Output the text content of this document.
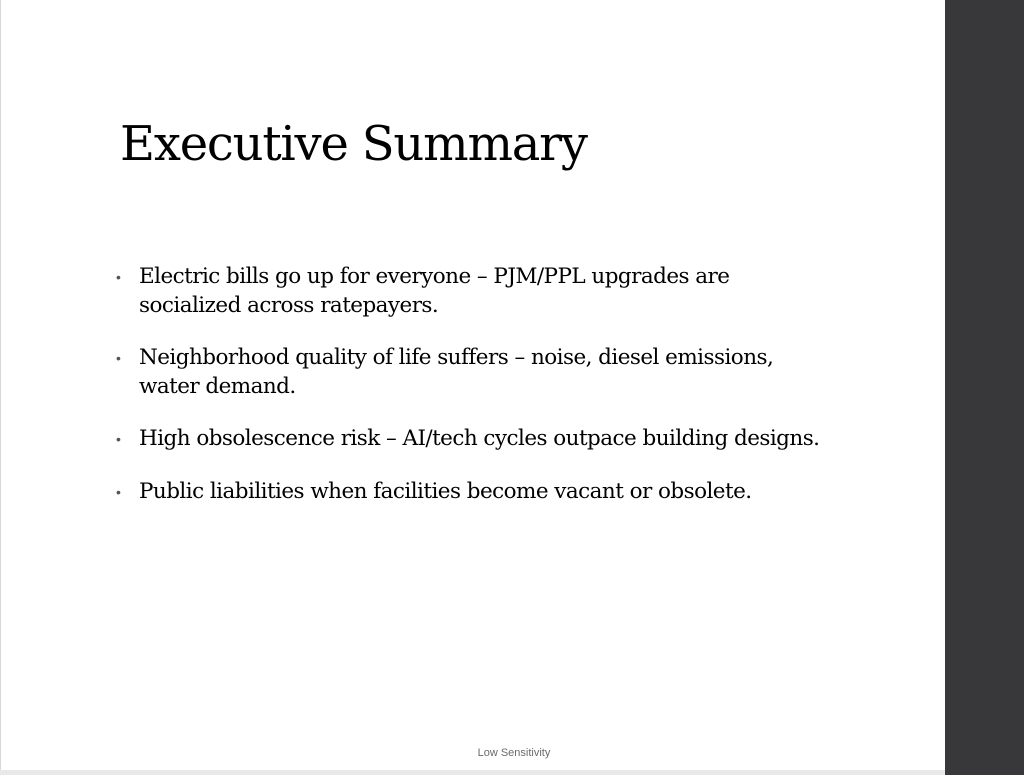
Executive Summary
• Electric bills go up for everyone – PJM/PPL upgrades are socialized across ratepayers.
• Neighborhood quality of life suffers – noise, diesel emissions, water demand.
• High obsolescence risk – AI/tech cycles outpace building designs.
• Public liabilities when facilities become vacant or obsolete.
Low Sensitivity
